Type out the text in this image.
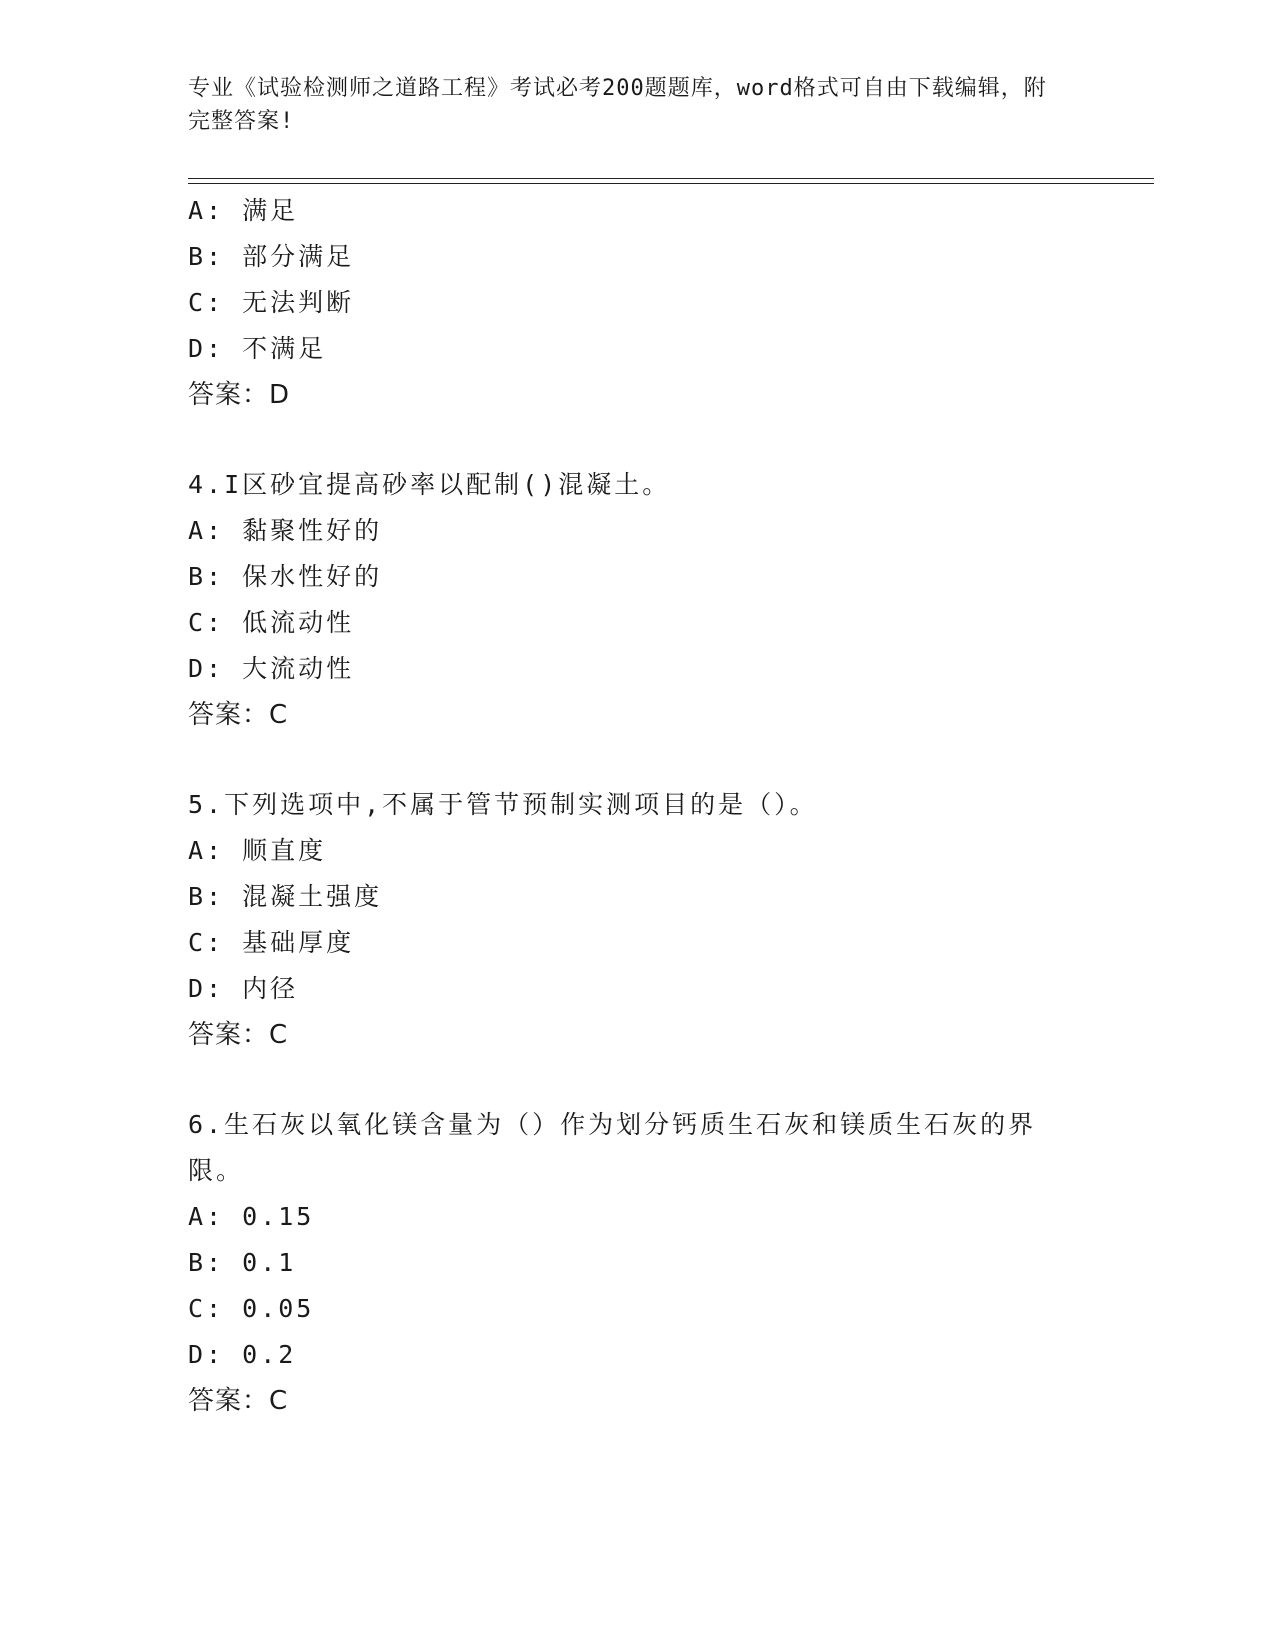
专业《试验检测师之道路工程》考试必考200题题库，word格式可自由下载编辑，附完整答案!
A: 满足
B: 部分满足
C: 无法判断
D: 不满足
答案：D
4.I区砂宜提高砂率以配制()混凝土。
A: 黏聚性好的
B: 保水性好的
C: 低流动性
D: 大流动性
答案：C
5.下列选项中,不属于管节预制实测项目的是（）。
A: 顺直度
B: 混凝土强度
C: 基础厚度
D: 内径
答案：C
6.生石灰以氧化镁含量为（）作为划分钙质生石灰和镁质生石灰的界限。
A: 0.15
B: 0.1
C: 0.05
D: 0.2
答案：C
